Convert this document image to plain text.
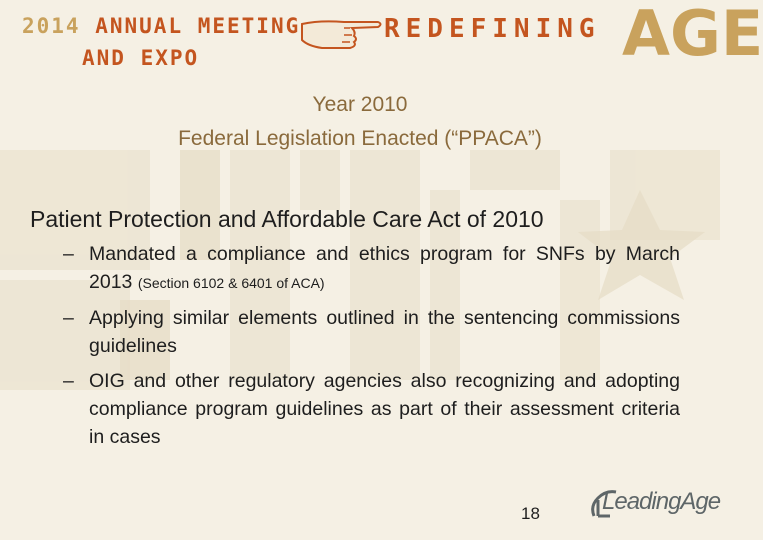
2014 ANNUAL MEETING
AND EXPO
REDEFINING AGE
Year 2010
Federal Legislation Enacted (“PPACA”)

Patient Protection and Affordable Care Act of 2010

– Mandated a compliance and ethics program for SNFs by March 2013 (Section 6102 & 6401 of ACA)
– Applying similar elements outlined in the sentencing commissions guidelines
– OIG and other regulatory agencies also recognizing and adopting compliance program guidelines as part of their assessment criteria in cases
18	LeadingAge
